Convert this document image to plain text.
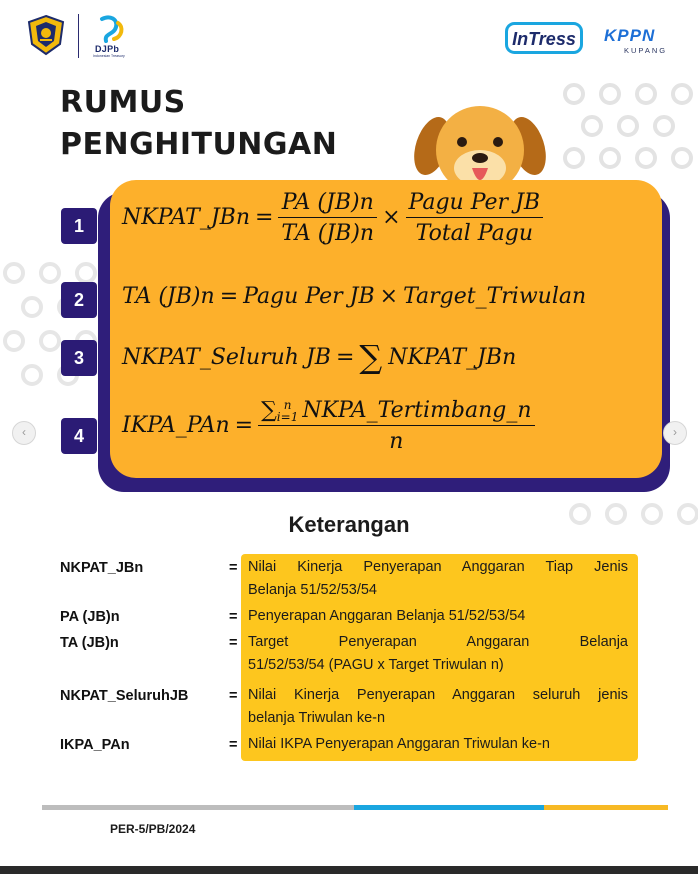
DJPb
Indonesian Treasury
InTress KPPN
KUPANG
RUMUS
PENGHITUNGAN
1	NKPAT_JBn = $\frac{PA (JB)n}{TA (JB)n} \times \frac{\text{Pagu Per JB}}{\text{Total Pagu}}$
2	TA (JB)n = Pagu Per JB × Target_Triwulan
3	NKPAT_Seluruh JB = ∑ NKPAT_JBn
4	IKPA_PAn = ∑ n
i=1 NKPA_Tertimbang_n
n
Keterangan
NKPAT_JBn	= Nilai Kinerja Penyerapan Anggaran Tiap Jenis
Belanja 51/52/53/54
PA (JB)n	= Penyerapan Anggaran Belanja 51/52/53/54
TA (JB)n	= Target Penyerapan Anggaran Belanja
51/52/53/54 (PAGU x Target Triwulan n)
NKPAT_SeluruhJB	= Nilai Kinerja Penyerapan Anggaran seluruh jenis
belanja Triwulan ke-n
IKPA_PAn	= Nilai IKPA Penyerapan Anggaran Triwulan ke-n
PER-5/PB/2024
‹	›
